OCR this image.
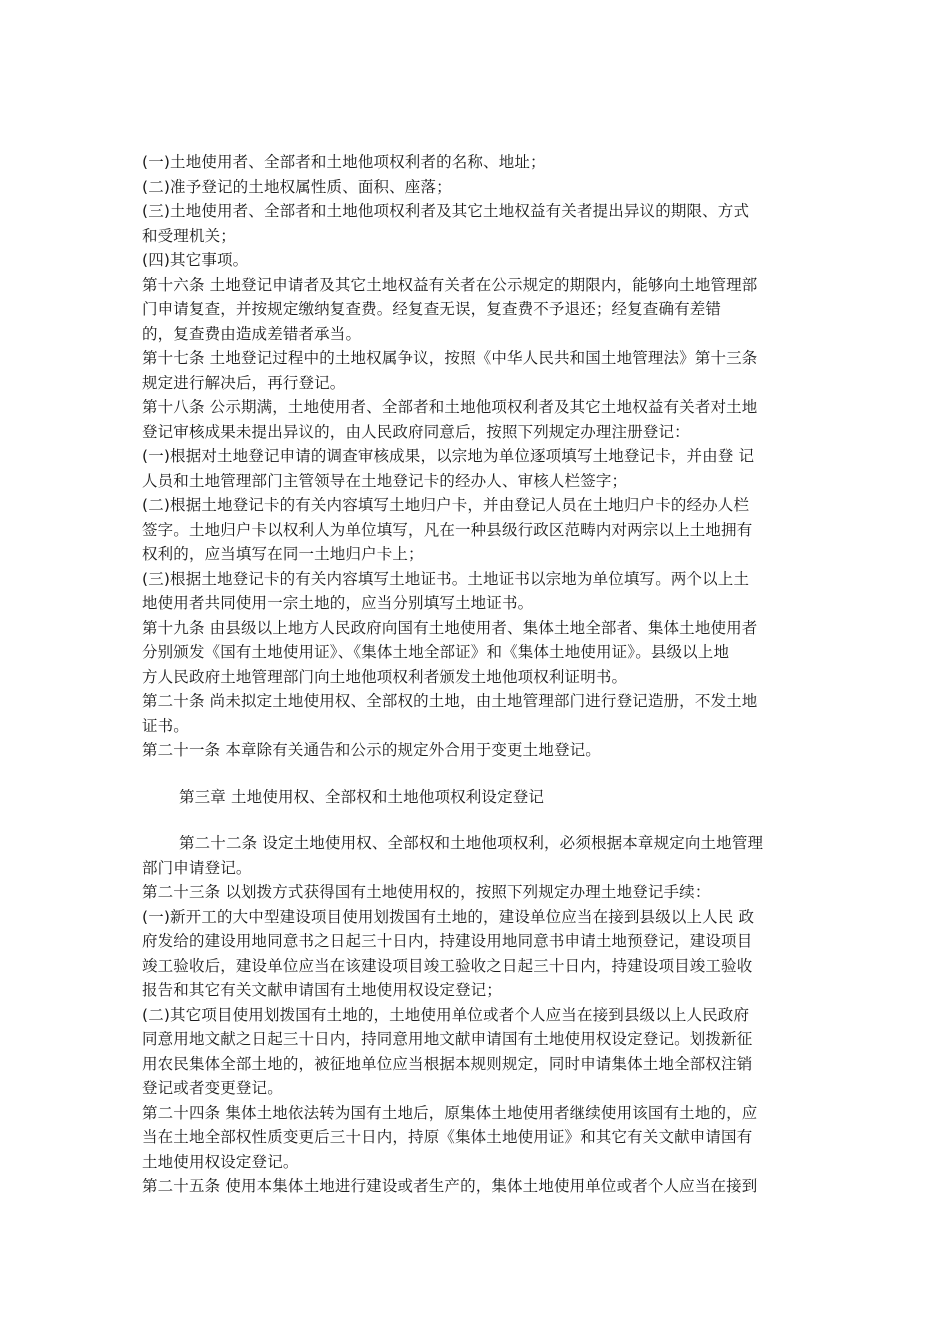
(一)土地使用者、全部者和土地他项权利者的名称、地址；
(二)准予登记的土地权属性质、面积、座落；
(三)土地使用者、全部者和土地他项权利者及其它土地权益有关者提出异议的期限、方式
和受理机关；
(四)其它事项。
第十六条 土地登记申请者及其它土地权益有关者在公示规定的期限内，能够向土地管理部
门申请复查，并按规定缴纳复查费。经复查无误，复查费不予退还；经复查确有差错
的，复查费由造成差错者承当。
第十七条 土地登记过程中的土地权属争议，按照《中华人民共和国土地管理法》第十三条
规定进行解决后，再行登记。
第十八条 公示期满，土地使用者、全部者和土地他项权利者及其它土地权益有关者对土地
登记审核成果未提出异议的，由人民政府同意后，按照下列规定办理注册登记：
(一)根据对土地登记申请的调查审核成果，以宗地为单位逐项填写土地登记卡，并由登 记
人员和土地管理部门主管领导在土地登记卡的经办人、审核人栏签字；
(二)根据土地登记卡的有关内容填写土地归户卡，并由登记人员在土地归户卡的经办人栏
签字。土地归户卡以权利人为单位填写，凡在一种县级行政区范畴内对两宗以上土地拥有
权利的，应当填写在同一土地归户卡上；
(三)根据土地登记卡的有关内容填写土地证书。土地证书以宗地为单位填写。两个以上土
地使用者共同使用一宗土地的，应当分别填写土地证书。
第十九条 由县级以上地方人民政府向国有土地使用者、集体土地全部者、集体土地使用者
分别颁发《国有土地使用证》、《集体土地全部证》和《集体土地使用证》。县级以上地
方人民政府土地管理部门向土地他项权利者颁发土地他项权利证明书。
第二十条 尚未拟定土地使用权、全部权的土地，由土地管理部门进行登记造册，不发土地
证书。
第二十一条 本章除有关通告和公示的规定外合用于变更土地登记。
第三章 土地使用权、全部权和土地他项权利设定登记
第二十二条 设定土地使用权、全部权和土地他项权利，必须根据本章规定向土地管理
部门申请登记。
第二十三条 以划拨方式获得国有土地使用权的，按照下列规定办理土地登记手续：
(一)新开工的大中型建设项目使用划拨国有土地的，建设单位应当在接到县级以上人民 政
府发给的建设用地同意书之日起三十日内，持建设用地同意书申请土地预登记，建设项目
竣工验收后，建设单位应当在该建设项目竣工验收之日起三十日内，持建设项目竣工验收
报告和其它有关文献申请国有土地使用权设定登记；
(二)其它项目使用划拨国有土地的，土地使用单位或者个人应当在接到县级以上人民政府
同意用地文献之日起三十日内，持同意用地文献申请国有土地使用权设定登记。划拨新征
用农民集体全部土地的，被征地单位应当根据本规则规定，同时申请集体土地全部权注销
登记或者变更登记。
第二十四条 集体土地依法转为国有土地后，原集体土地使用者继续使用该国有土地的，应
当在土地全部权性质变更后三十日内，持原《集体土地使用证》和其它有关文献申请国有
土地使用权设定登记。
第二十五条 使用本集体土地进行建设或者生产的，集体土地使用单位或者个人应当在接到
